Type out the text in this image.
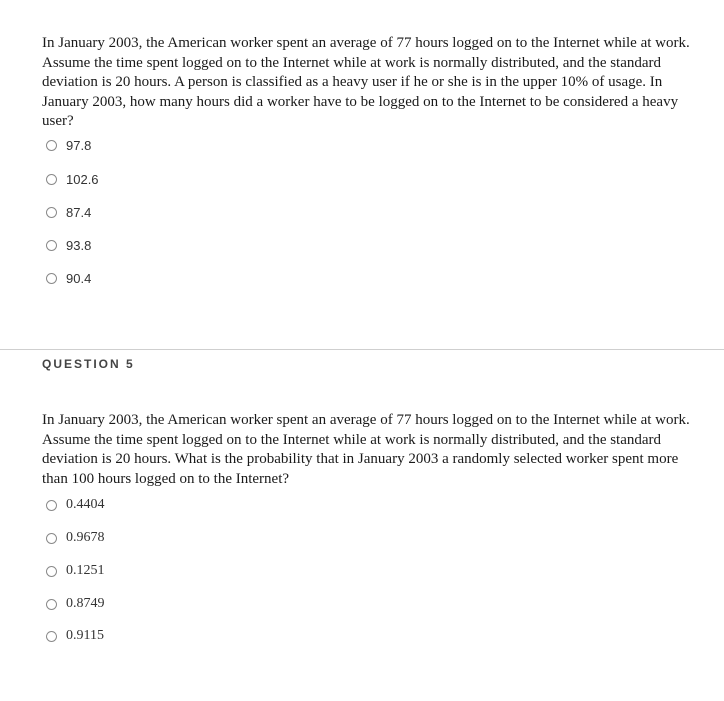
In January 2003, the American worker spent an average of 77 hours logged on to the Internet while at work. Assume the time spent logged on to the Internet while at work is normally distributed, and the standard deviation is 20 hours. A person is classified as a heavy user if he or she is in the upper 10% of usage. In January 2003, how many hours did a worker have to be logged on to the Internet to be considered a heavy user?
97.8
102.6
87.4
93.8
90.4
QUESTION 5
In January 2003, the American worker spent an average of 77 hours logged on to the Internet while at work. Assume the time spent logged on to the Internet while at work is normally distributed, and the standard deviation is 20 hours. What is the probability that in January 2003 a randomly selected worker spent more than 100 hours logged on to the Internet?
0.4404
0.9678
0.1251
0.8749
0.9115
